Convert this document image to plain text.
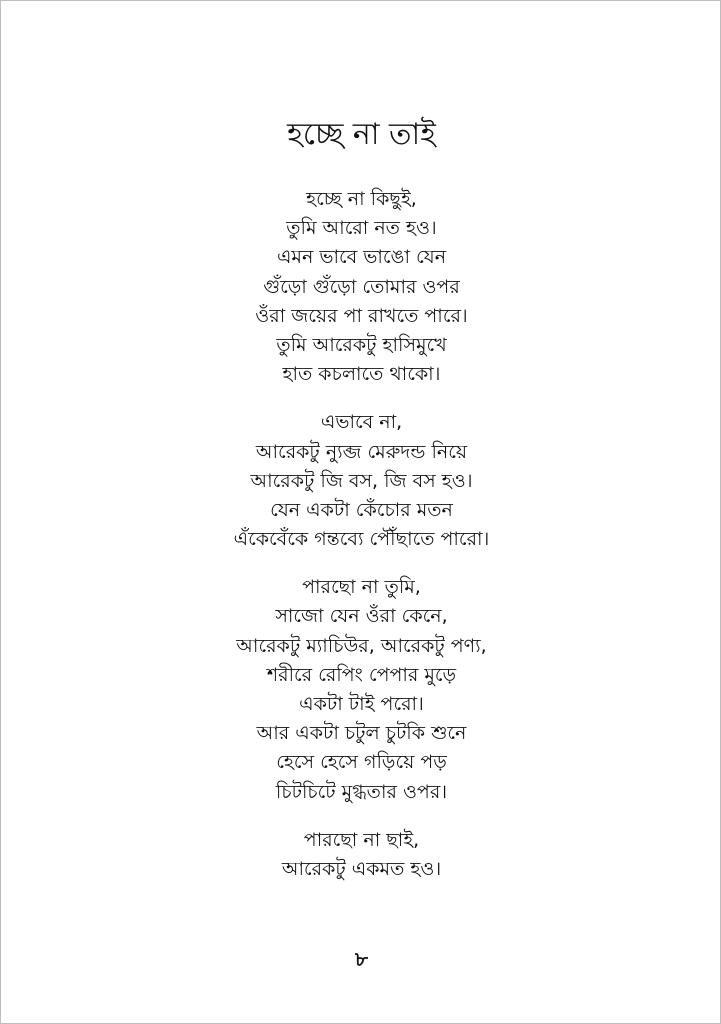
হচ্ছে না তাই
হচ্ছে না কিছুই,
তুমি আরো নত হও।
এমন ভাবে ভাঙো যেন
গুঁড়ো গুঁড়ো তোমার ওপর
ওঁরা জয়ের পা রাখতে পারে।
তুমি আরেকটু হাসিমুখে
হাত কচলাতে থাকো।
এভাবে না,
আরেকটু ন্যুব্জ মেরুদন্ড নিয়ে
আরেকটু জি বস, জি বস হও।
যেন একটা কেঁচোর মতন
এঁকেবেঁকে গন্তব্যে পৌঁছাতে পারো।
পারছো না তুমি,
সাজো যেন ওঁরা কেনে,
আরেকটু ম্যাচিউর, আরেকটু পণ্য,
শরীরে রেপিং পেপার মুড়ে
একটা টাই পরো।
আর একটা চটুল চুটকি শুনে
হেসে হেসে গড়িয়ে পড়
চিটচিটে মুগ্ধতার ওপর।
পারছো না ছাই,
আরেকটু একমত হও।
৮
